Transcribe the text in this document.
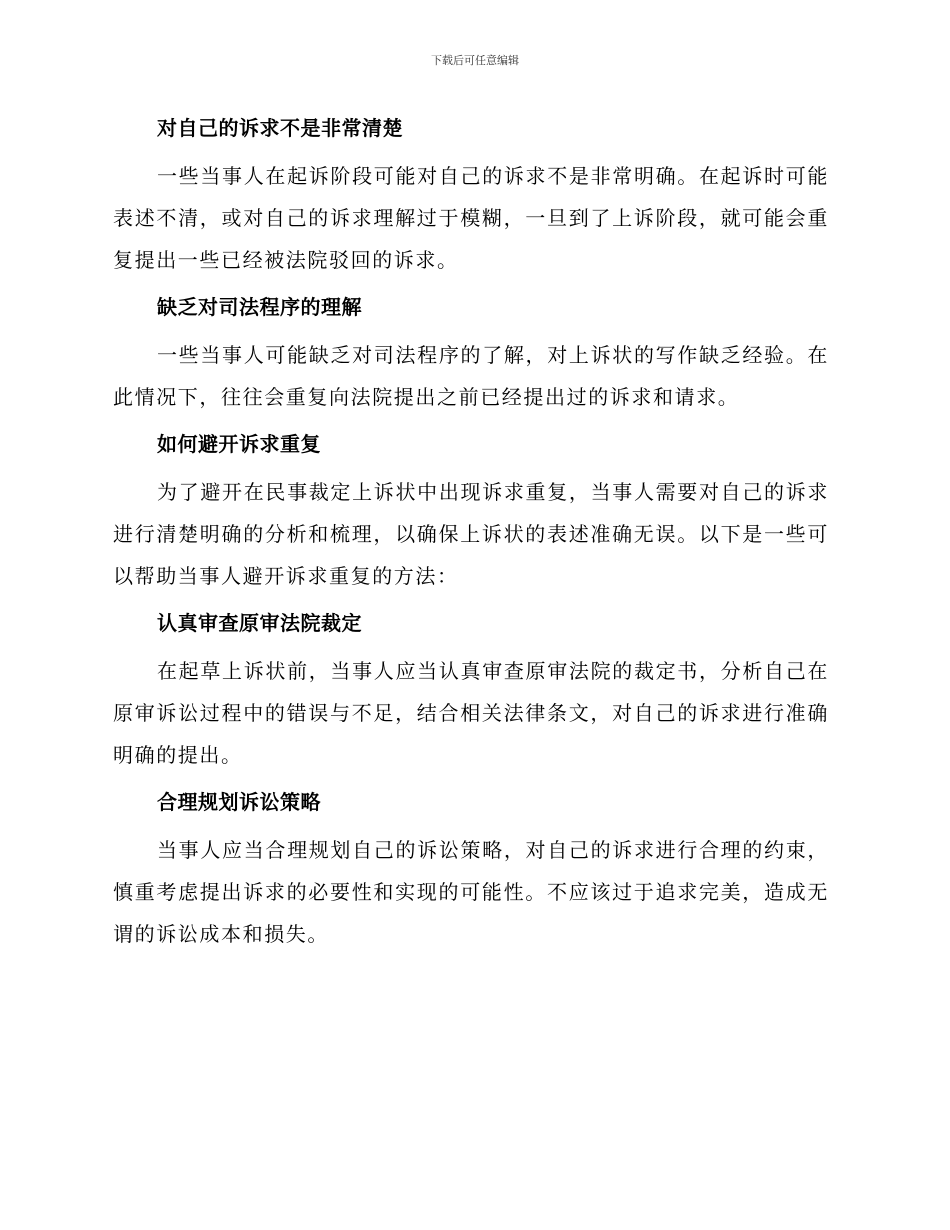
下载后可任意编辑
对自己的诉求不是非常清楚
一些当事人在起诉阶段可能对自己的诉求不是非常明确。在起诉时可能表述不清，或对自己的诉求理解过于模糊，一旦到了上诉阶段，就可能会重复提出一些已经被法院驳回的诉求。
缺乏对司法程序的理解
一些当事人可能缺乏对司法程序的了解，对上诉状的写作缺乏经验。在此情况下，往往会重复向法院提出之前已经提出过的诉求和请求。
如何避开诉求重复
为了避开在民事裁定上诉状中出现诉求重复，当事人需要对自己的诉求进行清楚明确的分析和梳理，以确保上诉状的表述准确无误。以下是一些可以帮助当事人避开诉求重复的方法：
认真审查原审法院裁定
在起草上诉状前，当事人应当认真审查原审法院的裁定书，分析自己在原审诉讼过程中的错误与不足，结合相关法律条文，对自己的诉求进行准确明确的提出。
合理规划诉讼策略
当事人应当合理规划自己的诉讼策略，对自己的诉求进行合理的约束，慎重考虑提出诉求的必要性和实现的可能性。不应该过于追求完美，造成无谓的诉讼成本和损失。
